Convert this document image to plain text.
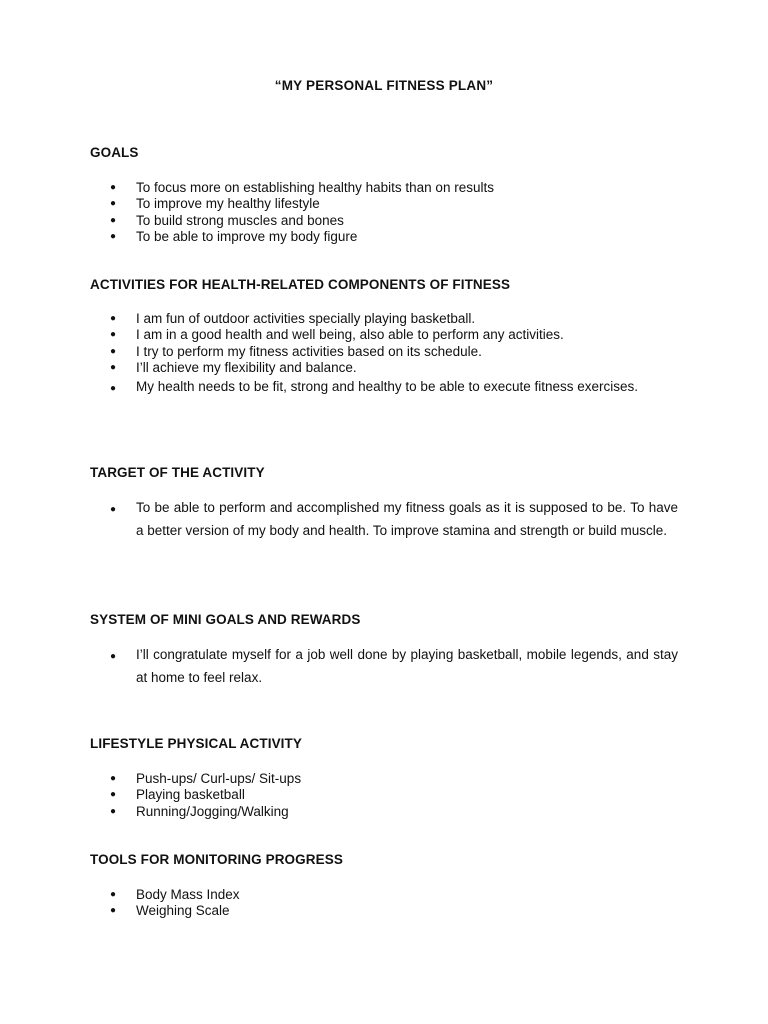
“MY PERSONAL FITNESS PLAN”

GOALS

● To focus more on establishing healthy habits than on results
● To improve my healthy lifestyle
● To build strong muscles and bones
● To be able to improve my body figure

ACTIVITIES FOR HEALTH-RELATED COMPONENTS OF FITNESS

● I am fun of outdoor activities specially playing basketball.
● I am in a good health and well being, also able to perform any activities.
● I try to perform my fitness activities based on its schedule.
● I’ll achieve my flexibility and balance.
● My health needs to be fit, strong and healthy to be able to execute fitness exercises.

TARGET OF THE ACTIVITY

● To be able to perform and accomplished my fitness goals as it is supposed to be. To have a better version of my body and health. To improve stamina and strength or build muscle.

SYSTEM OF MINI GOALS AND REWARDS

● I’ll congratulate myself for a job well done by playing basketball, mobile legends, and stay at home to feel relax.

LIFESTYLE PHYSICAL ACTIVITY

● Push-ups/ Curl-ups/ Sit-ups
● Playing basketball
● Running/Jogging/Walking

TOOLS FOR MONITORING PROGRESS

● Body Mass Index
● Weighing Scale
